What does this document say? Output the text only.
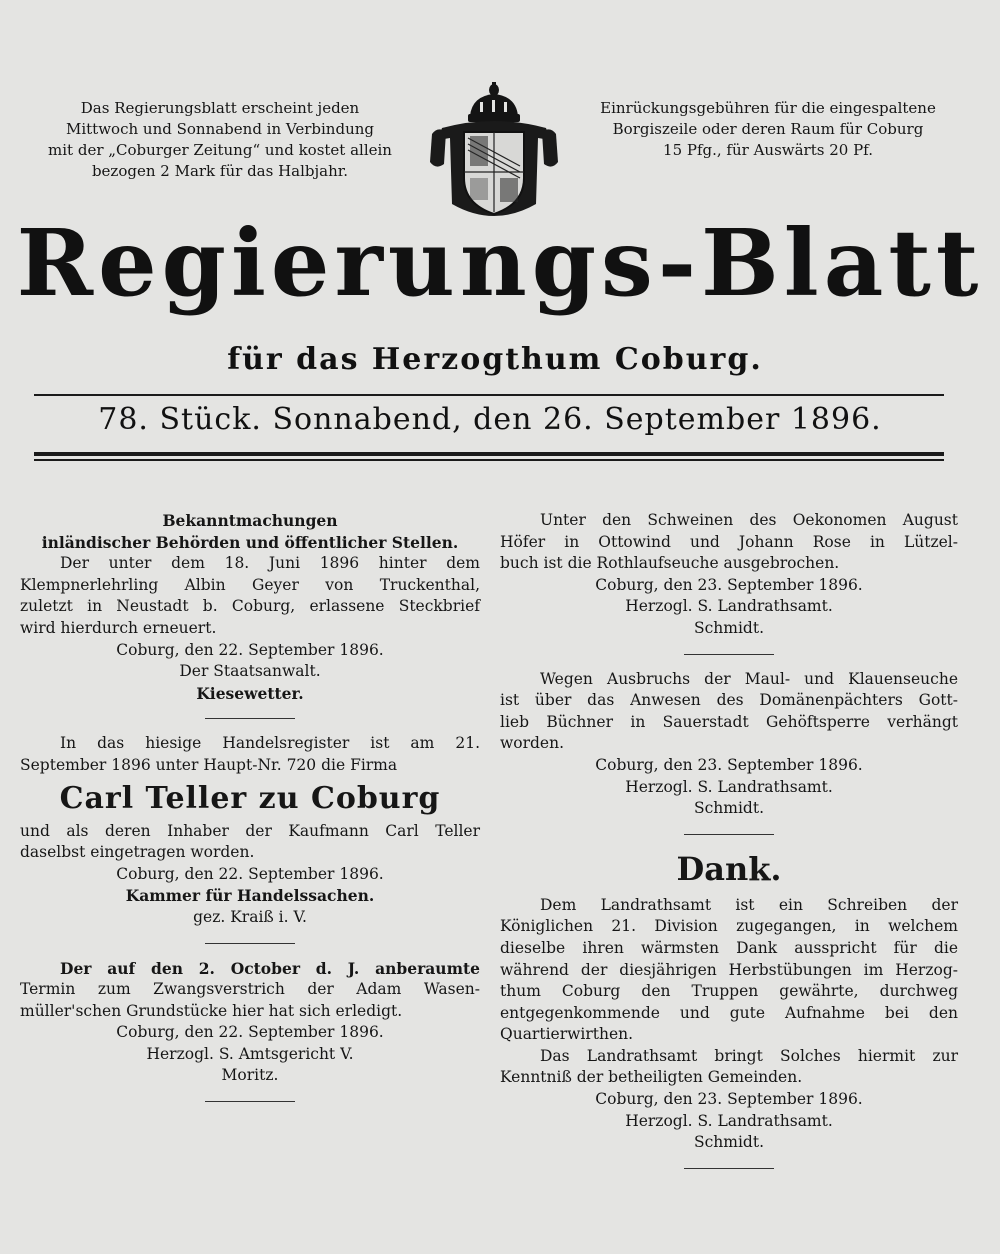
Das Regierungsblatt erscheint jeden
Mittwoch und Sonnabend in Verbindung
mit der „Coburger Zeitung“ und kostet allein
bezogen 2 Mark für das Halbjahr.
Einrückungsgebühren für die eingespaltene
Borgiszeile oder deren Raum für Coburg
15 Pfg., für Auswärts 20 Pf.
Regierungs-Blatt
für das Herzogthum Coburg.
78. Stück. Sonnabend, den 26. September 1896.
Bekanntmachungen
inländischer Behörden und öffentlicher Stellen.

Der unter dem 18. Juni 1896 hinter dem

Klempnerlehrling Albin Geyer von Truckenthal,

zuletzt in Neustadt b. Coburg, erlassene Steckbrief

wird hierdurch erneuert.

Coburg, den 22. September 1896.

Der Staatsanwalt.

Kiesewetter.

In das hiesige Handelsregister ist am 21.

September 1896 unter Haupt-Nr. 720 die Firma

Carl Teller zu Coburg

und als deren Inhaber der Kaufmann Carl Teller

daselbst eingetragen worden.

Coburg, den 22. September 1896.

Kammer für Handelssachen.

gez. Kraiß i. V.

Der auf den 2. October d. J. anberaumte

Termin zum Zwangsverstrich der Adam Wasen-

müller'schen Grundstücke hier hat sich erledigt.

Coburg, den 22. September 1896.

Herzogl. S. Amtsgericht V.

Moritz.

Unter den Schweinen des Oekonomen August

Höfer in Ottowind und Johann Rose in Lützel-

buch ist die Rothlaufseuche ausgebrochen.

Coburg, den 23. September 1896.

Herzogl. S. Landrathsamt.

Schmidt.

Wegen Ausbruchs der Maul- und Klauenseuche

ist über das Anwesen des Domänenpächters Gott-

lieb Büchner in Sauerstadt Gehöftsperre verhängt

worden.

Coburg, den 23. September 1896.

Herzogl. S. Landrathsamt.

Schmidt.

Dank.

Dem Landrathsamt ist ein Schreiben der

Königlichen 21. Division zugegangen, in welchem

dieselbe ihren wärmsten Dank ausspricht für die

während der diesjährigen Herbstübungen im Herzog-

thum Coburg den Truppen gewährte, durchweg

entgegenkommende und gute Aufnahme bei den

Quartierwirthen.

Das Landrathsamt bringt Solches hiermit zur

Kenntniß der betheiligten Gemeinden.

Coburg, den 23. September 1896.

Herzogl. S. Landrathsamt.

Schmidt.
